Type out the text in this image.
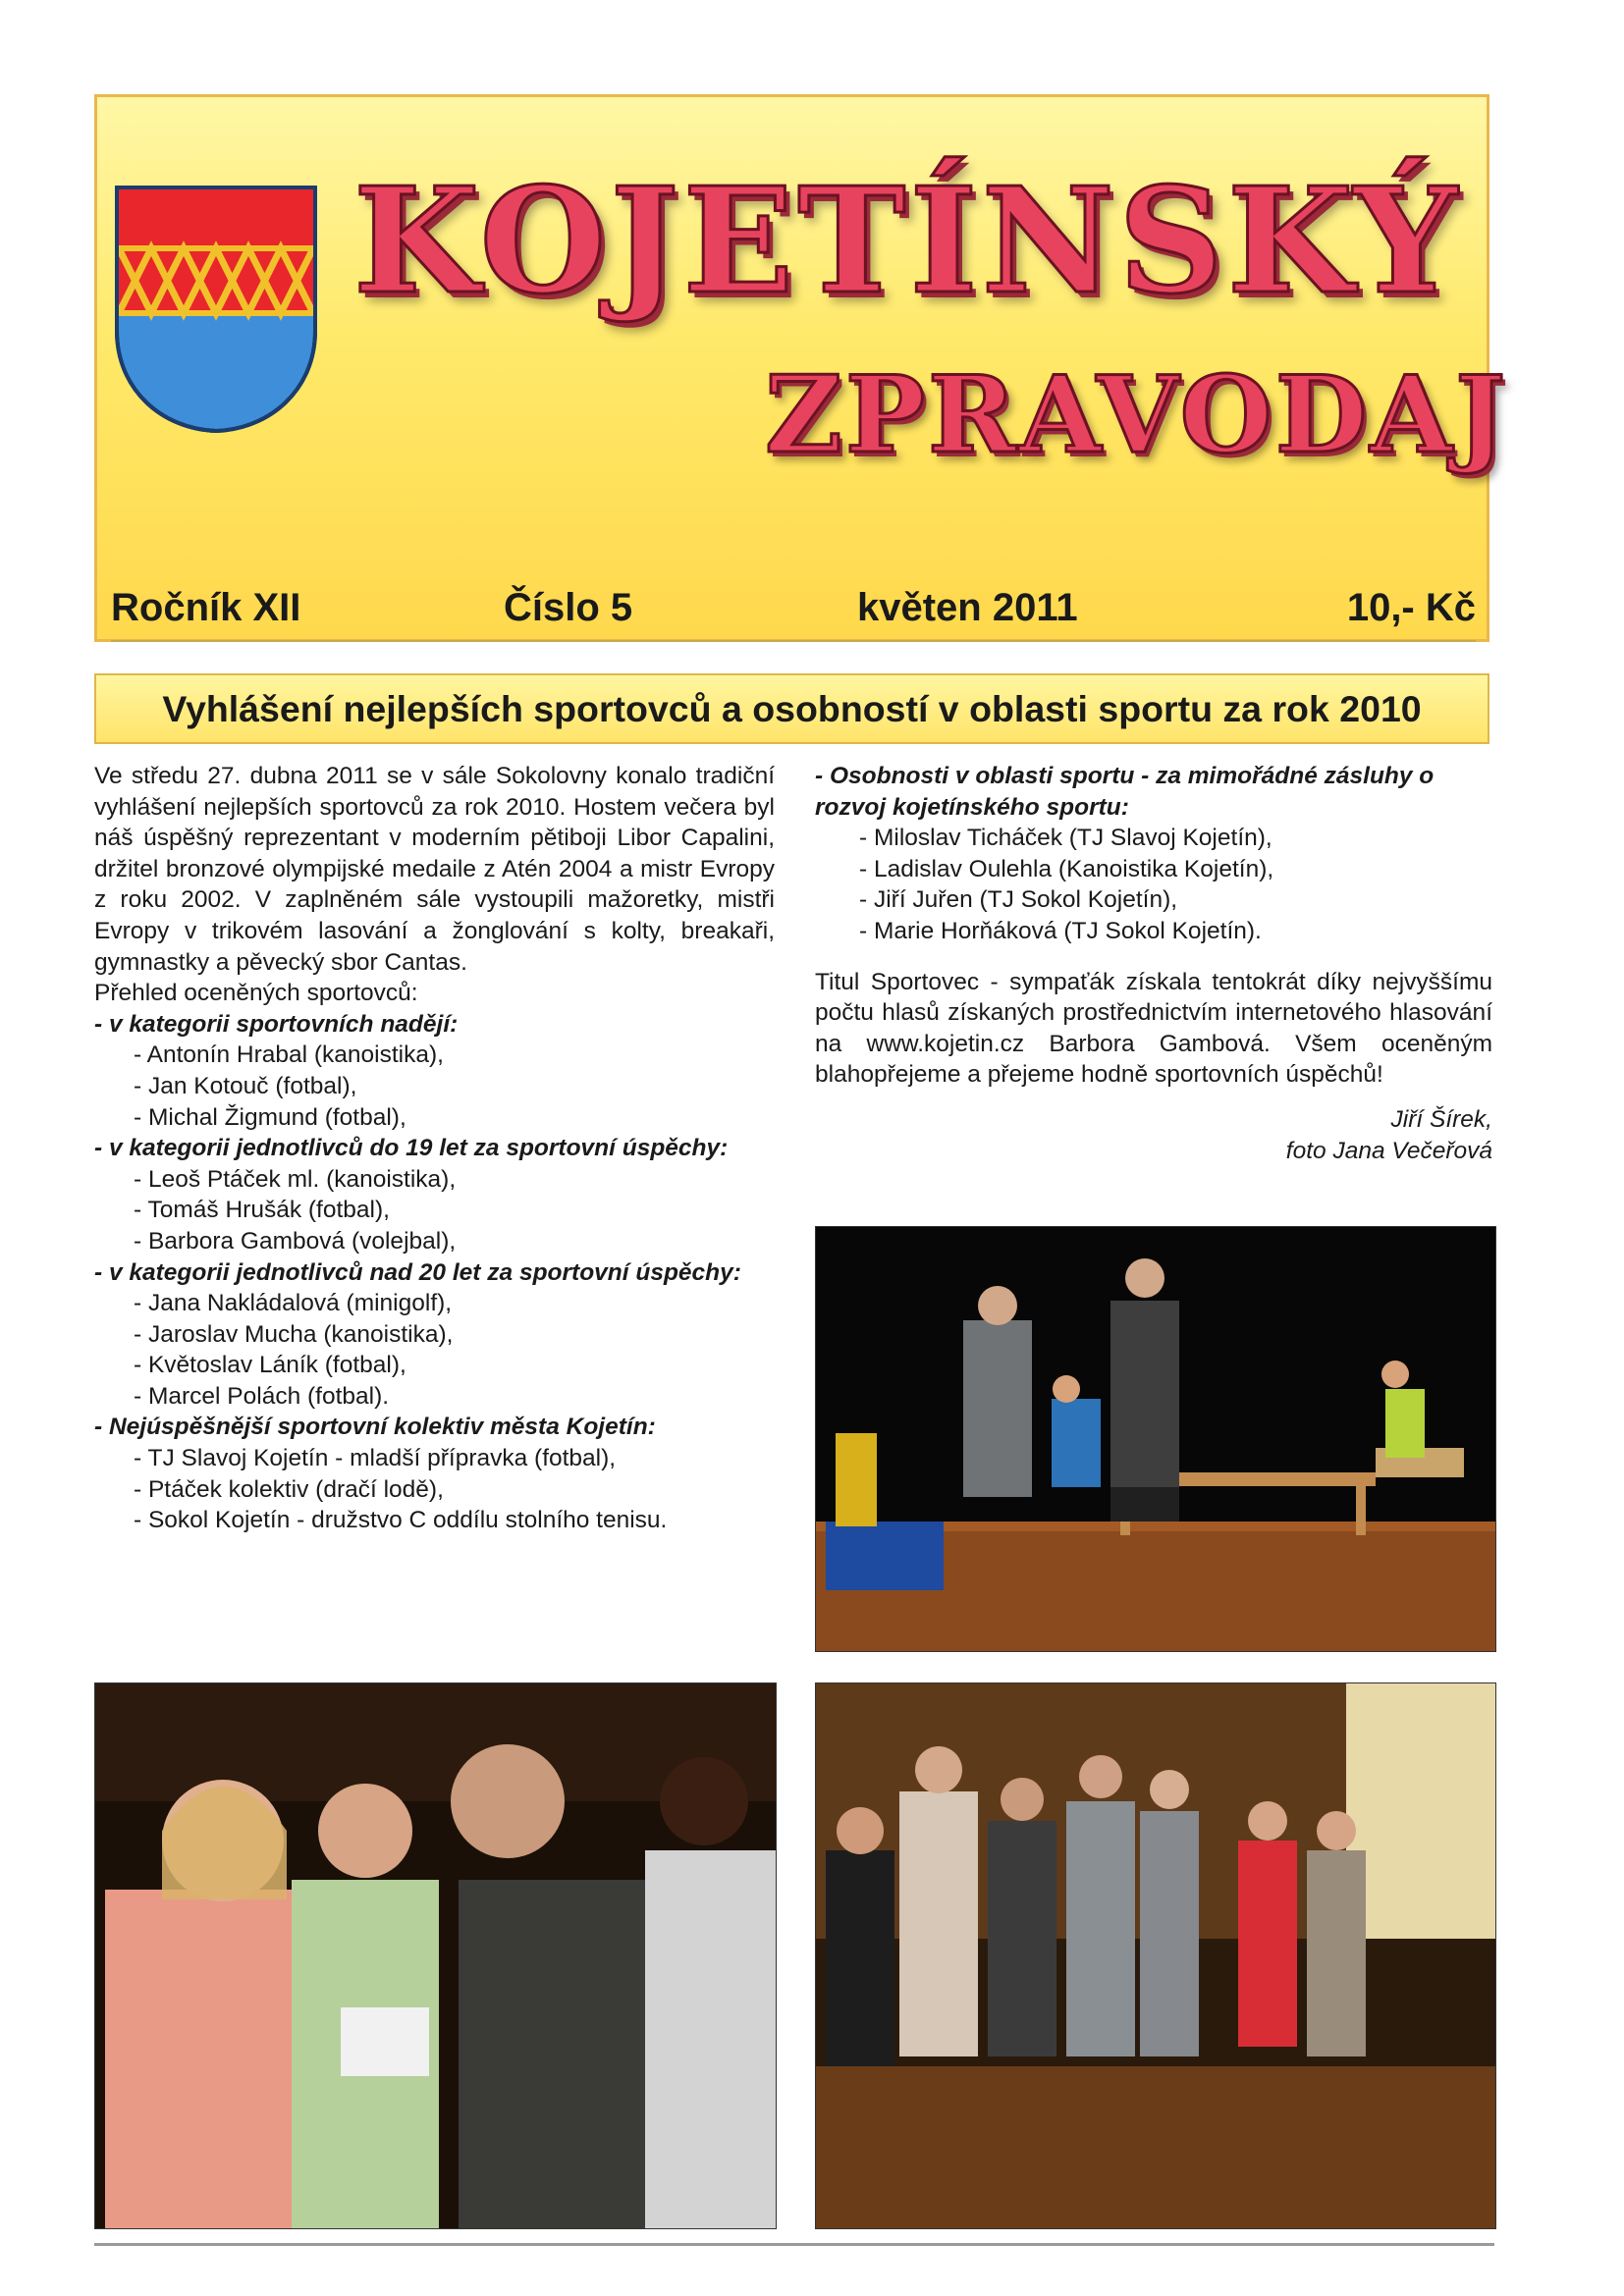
KOJETÍNSKÝ
ZPRAVODAJ
Ročník XII	Číslo 5	květen 2011	10,- Kč
Vyhlášení nejlepších sportovců a osobností v oblasti sportu za rok 2010

Ve středu 27. dubna 2011 se v sále Sokolovny konalo tradiční vyhlášení nejlepších sportovců za rok 2010. Hostem večera byl náš úspěšný reprezentant v moderním pětiboji Libor Capalini, držitel bronzové olympijské medaile z Atén 2004 a mistr Evropy z roku 2002. V zaplněném sále vystoupili mažoretky, mistři Evropy v trikovém lasování a žonglování s kolty, breakaři, gymnastky a pěvecký sbor Cantas.

Přehled oceněných sportovců:

- v kategorii sportovních nadějí:

- Antonín Hrabal (kanoistika),

- Jan Kotouč (fotbal),

- Michal Žigmund (fotbal),

- v kategorii jednotlivců do 19 let za sportovní úspěchy:

- Leoš Ptáček ml. (kanoistika),

- Tomáš Hrušák (fotbal),

- Barbora Gambová (volejbal),

- v kategorii jednotlivců nad 20 let za sportovní úspěchy:

- Jana Nakládalová (minigolf),

- Jaroslav Mucha (kanoistika),

- Květoslav Láník (fotbal),

- Marcel Polách (fotbal).

- Nejúspěšnější sportovní kolektiv města Kojetín:

- TJ Slavoj Kojetín - mladší přípravka (fotbal),

- Ptáček kolektiv (dračí lodě),

- Sokol Kojetín - družstvo C oddílu stolního tenisu.

- Osobnosti v oblasti sportu - za mimořádné zásluhy o rozvoj kojetínského sportu:

- Miloslav Ticháček (TJ Slavoj Kojetín),

- Ladislav Oulehla (Kanoistika Kojetín),

- Jiří Juřen (TJ Sokol Kojetín),

- Marie Horňáková (TJ Sokol Kojetín).

Titul Sportovec - sympaťák získala tentokrát díky nejvyššímu počtu hlasů získaných prostřednictvím internetového hlasování na www.kojetin.cz Barbora Gambová. Všem oceněným blahopřejeme a přejeme hodně sportovních úspěchů!

Jiří Šírek,

foto Jana Večeřová
